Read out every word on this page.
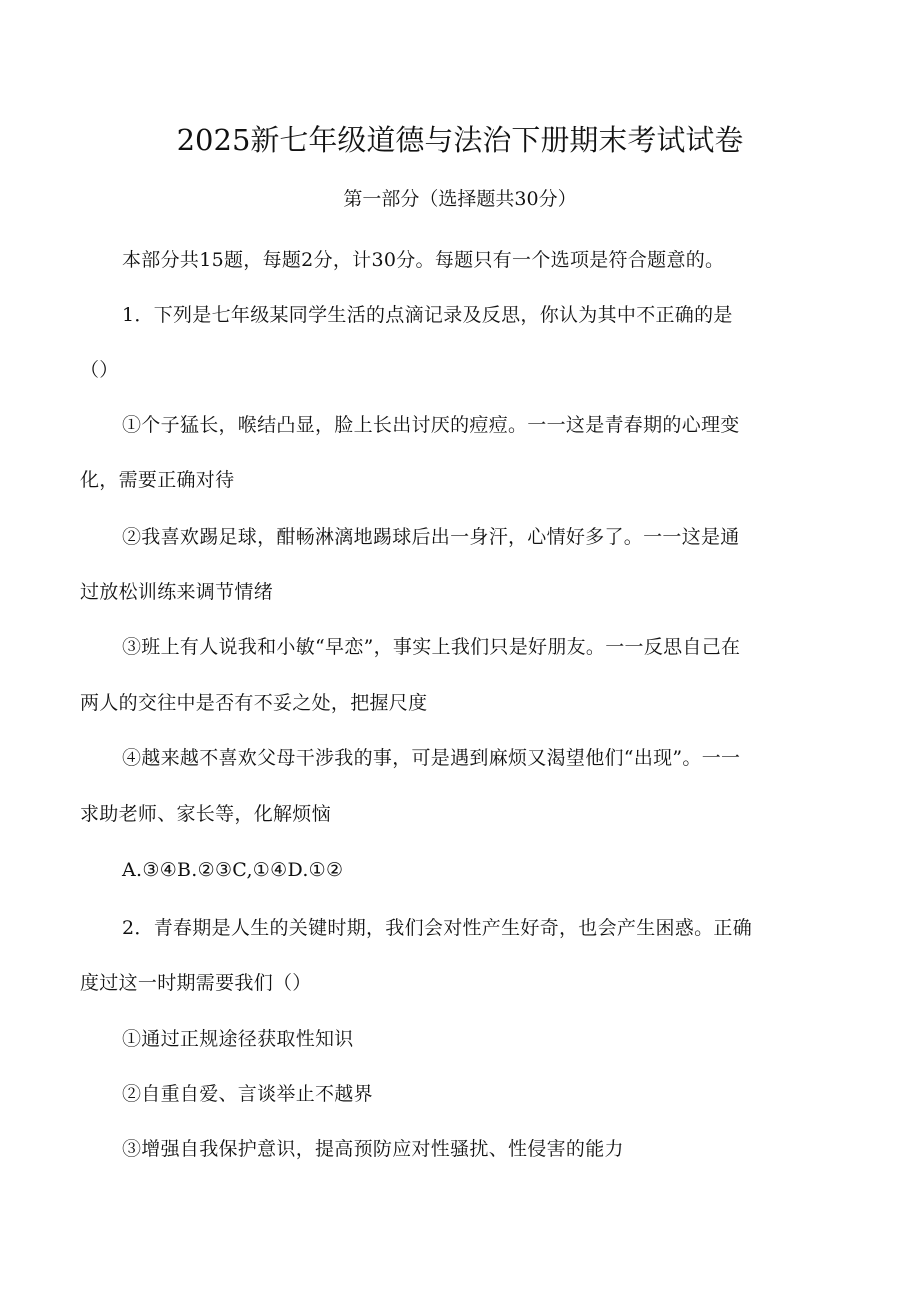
2025新七年级道德与法治下册期末考试试卷
第一部分（选择题共30分）
本部分共15题，每题2分，计30分。每题只有一个选项是符合题意的。
1．下列是七年级某同学生活的点滴记录及反思，你认为其中不正确的是
（）
①个子猛长，喉结凸显，脸上长出讨厌的痘痘。一一这是青春期的心理变
化，需要正确对待
②我喜欢踢足球，酣畅淋漓地踢球后出一身汗，心情好多了。一一这是通
过放松训练来调节情绪
③班上有人说我和小敏“早恋”，事实上我们只是好朋友。一一反思自己在
两人的交往中是否有不妥之处，把握尺度
④越来越不喜欢父母干涉我的事，可是遇到麻烦又渴望他们“出现”。一一
求助老师、家长等，化解烦恼
A.③④B.②③C,①④D.①②
2．青春期是人生的关键时期，我们会对性产生好奇，也会产生困惑。正确
度过这一时期需要我们（）
①通过正规途径获取性知识
②自重自爱、言谈举止不越界
③增强自我保护意识，提高预防应对性骚扰、性侵害的能力
